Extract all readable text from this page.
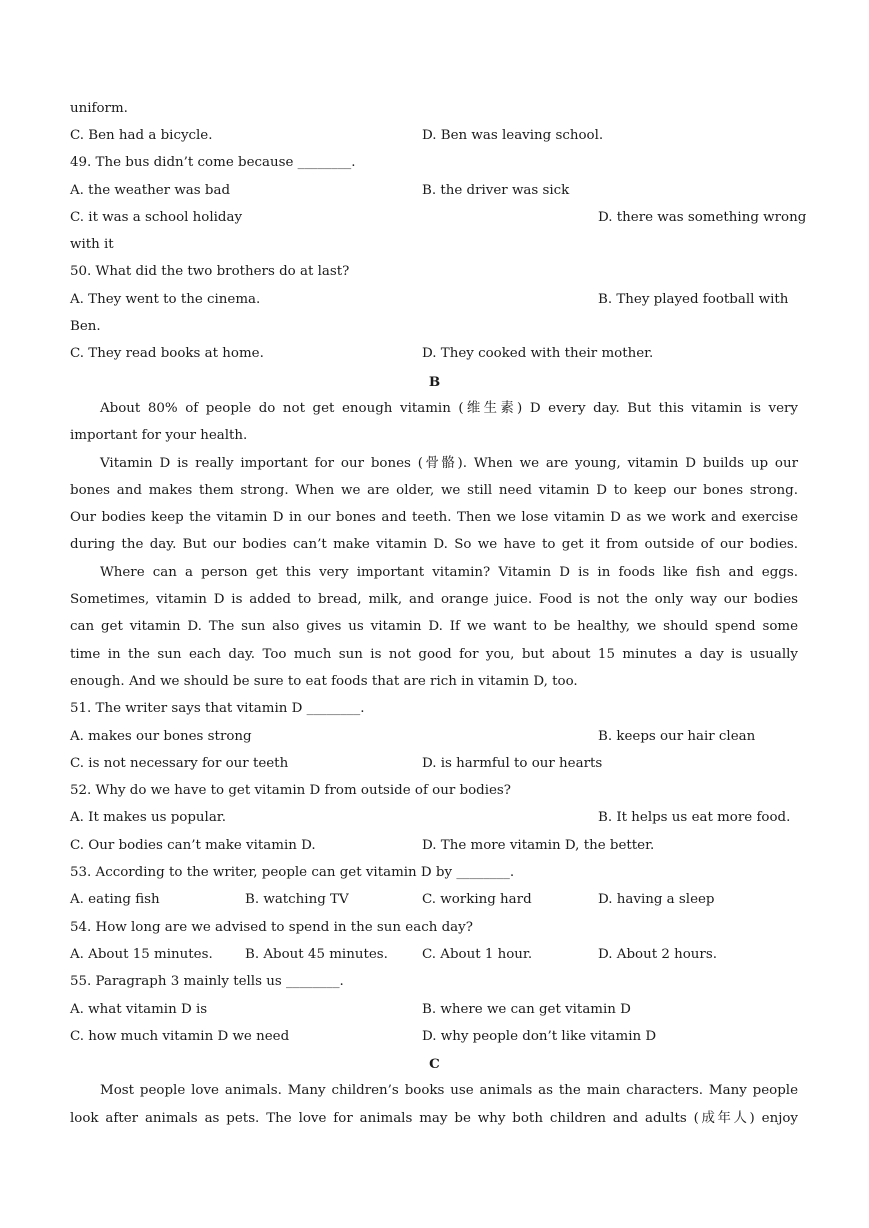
uniform.
C. Ben had a bicycle.	D. Ben was leaving school.
49. The bus didn’t come because ________.
A. the weather was bad	B. the driver was sick
C. it was a school holiday	D. there was something wrong
with it
50. What did the two brothers do at last?
A. They went to the cinema.	B. They played football with
Ben.
C. They read books at home.	D. They cooked with their mother.
B
About 80% of people do not get enough vitamin (维生素) D every day. But this vitamin is very
important for your health.
Vitamin D is really important for our bones (骨骼). When we are young, vitamin D builds up our
bones and makes them strong. When we are older, we still need vitamin D to keep our bones strong.
Our bodies keep the vitamin D in our bones and teeth. Then we lose vitamin D as we work and exercise
during the day. But our bodies can’t make vitamin D. So we have to get it from outside of our bodies.
Where can a person get this very important vitamin? Vitamin D is in foods like fish and eggs.
Sometimes, vitamin D is added to bread, milk, and orange juice. Food is not the only way our bodies
can get vitamin D. The sun also gives us vitamin D. If we want to be healthy, we should spend some
time in the sun each day. Too much sun is not good for you, but about 15 minutes a day is usually
enough. And we should be sure to eat foods that are rich in vitamin D, too.
51. The writer says that vitamin D ________.
A. makes our bones strong	B. keeps our hair clean
C. is not necessary for our teeth	D. is harmful to our hearts
52. Why do we have to get vitamin D from outside of our bodies?
A. It makes us popular.	B. It helps us eat more food.
C. Our bodies can’t make vitamin D.	D. The more vitamin D, the better.
53. According to the writer, people can get vitamin D by ________.
A. eating fish	B. watching TV	C. working hard	D. having a sleep
54. How long are we advised to spend in the sun each day?
A. About 15 minutes. B. About 45 minutes.	C. About 1 hour.	D. About 2 hours.
55. Paragraph 3 mainly tells us ________.
A. what vitamin D is	B. where we can get vitamin D
C. how much vitamin D we need	D. why people don’t like vitamin D
C
Most people love animals. Many children’s books use animals as the main characters. Many people
look after animals as pets. The love for animals may be why both children and adults (成年人) enjoy
